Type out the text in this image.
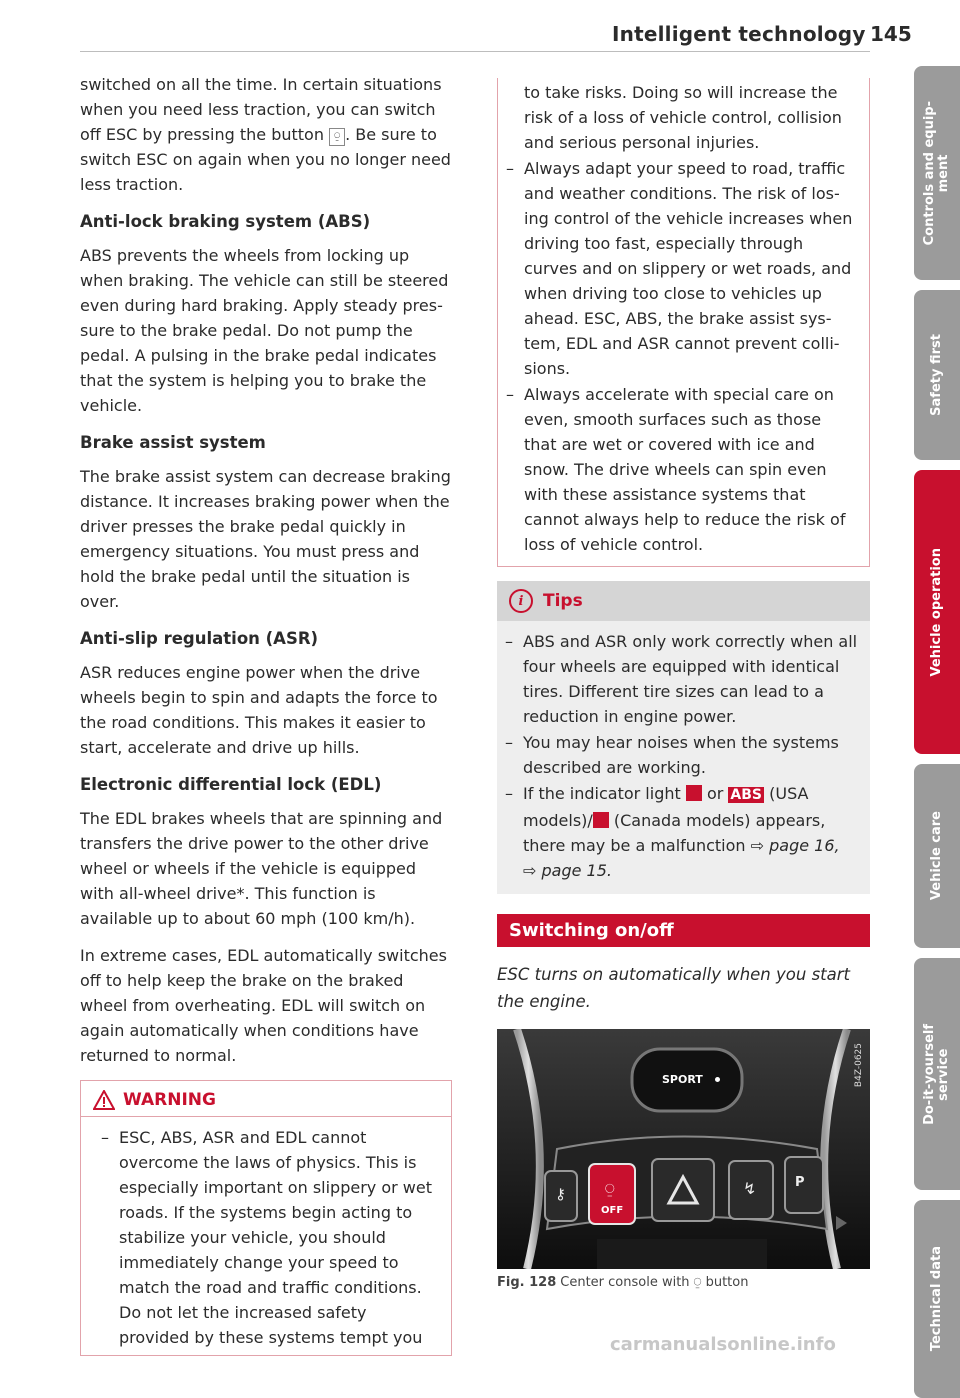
Intelligent technology 145

switched on all the time. In certain situations when you need less traction, you can switch off ESC by pressing the button ⍜ . Be sure to switch ESC on again when you no longer need less traction.

Anti-lock braking system (ABS)

ABS prevents the wheels from locking up when braking. The vehicle can still be steered even during hard braking. Apply steady pressure to the brake pedal. Do not pump the pedal. A pulsing in the brake pedal indicates that the system is helping you to brake the vehicle.

Brake assist system

The brake assist system can decrease braking distance. It increases braking power when the driver presses the brake pedal quickly in emergency situations. You must press and hold the brake pedal until the situation is over.

Anti-slip regulation (ASR)

ASR reduces engine power when the drive wheels begin to spin and adapts the force to the road conditions. This makes it easier to start, accelerate and drive up hills.

Electronic differential lock (EDL)

The EDL brakes wheels that are spinning and transfers the drive power to the other drive wheel or wheels if the vehicle is equipped with all-wheel drive*. This function is available up to about 60 mph (100 km/h).

In extreme cases, EDL automatically switches off to help keep the brake on the braked wheel from overheating. EDL will switch on again automatically when conditions have returned to normal.

WARNING
– ESC, ABS, ASR and EDL cannot overcome the laws of physics. This is especially important on slippery or wet roads. If the systems begin acting to stabilize your vehicle, you should immediately change your speed to match the road and traffic conditions. Do not let the increased safety provided by these systems tempt you
to take risks. Doing so will increase the risk of a loss of vehicle control, collision and serious personal injuries.
– Always adapt your speed to road, traffic and weather conditions. The risk of losing control of the vehicle increases when driving too fast, especially through curves and on slippery or wet roads, and when driving too close to vehicles up ahead. ESC, ABS, the brake assist system, EDL and ASR cannot prevent collisions.
– Always accelerate with special care on even, smooth surfaces such as those that are wet or covered with ice and snow. The drive wheels can spin even with these assistance systems that cannot always help to reduce the risk of loss of vehicle control.
i	Tips
– ABS and ASR only work correctly when all four wheels are equipped with identical tires. Different tire sizes can lead to a reduction in engine power.
– You may hear noises when the systems described are working.
– If the indicator light or ABS (USA models)/ (Canada models) appears, there may be a malfunction ⇨ page 16, ⇨ page 15.
Switching on/off

ESC turns on automatically when you start the engine.

SPORT
OFF
⍜	↯	P
⚷
B4Z-0625
Fig. 128 Center console with ⍜ button
Controls and equip-
ment
Safety first
Vehicle operation
Vehicle care
Do-it-yourself
service
Technical data
carmanualsonline.info
